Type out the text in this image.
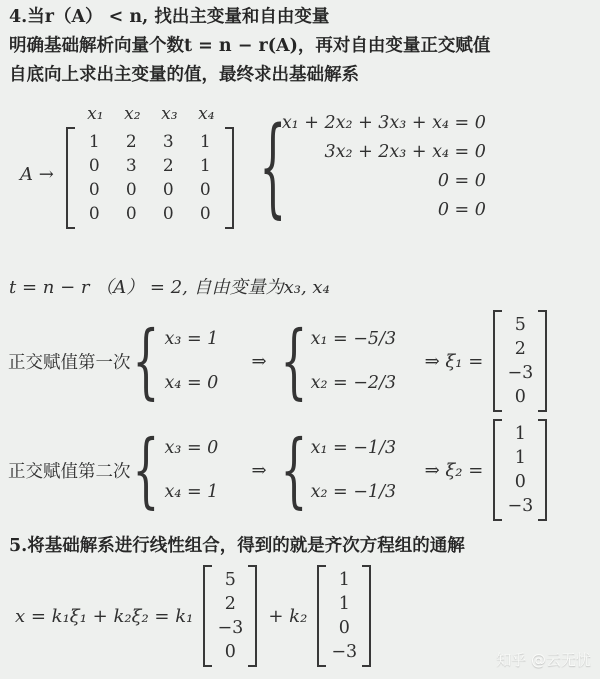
4.当r（A） < n, 找出主变量和自由变量
明确基础解析向量个数t = n − r(A)，再对自由变量正交赋值
自底向上求出主变量的值，最终求出基础解系
A →
x₁	x₂	x₃	x₄
1	2	3	1
0	3	2	1
0	0	0	0
0	0	0	0 {
x₁ + 2x₂ + 3x₃ + x₄ = 0
3x₂ + 2x₃ + x₄ = 0
0 = 0
0 = 0
t = n − r （A） = 2, 自由变量为x₃, x₄
正交赋值第一次 { x₃ = 1
x₄ = 0
⇒ { x₁ = −5/3
x₂ = −2/3
⇒ ξ₁ =
5
2
−3
0
正交赋值第二次 { x₃ = 0
x₄ = 1
⇒ { x₁ = −1/3
x₂ = −1/3
⇒ ξ₂ =
1
1
0
−3
5.将基础解系进行线性组合，得到的就是齐次方程组的通解
x = k₁ξ₁ + k₂ξ₂ = k₁
5
2
−3
0
+ k₂
1
1
0
−3	知乎 @云无忧
